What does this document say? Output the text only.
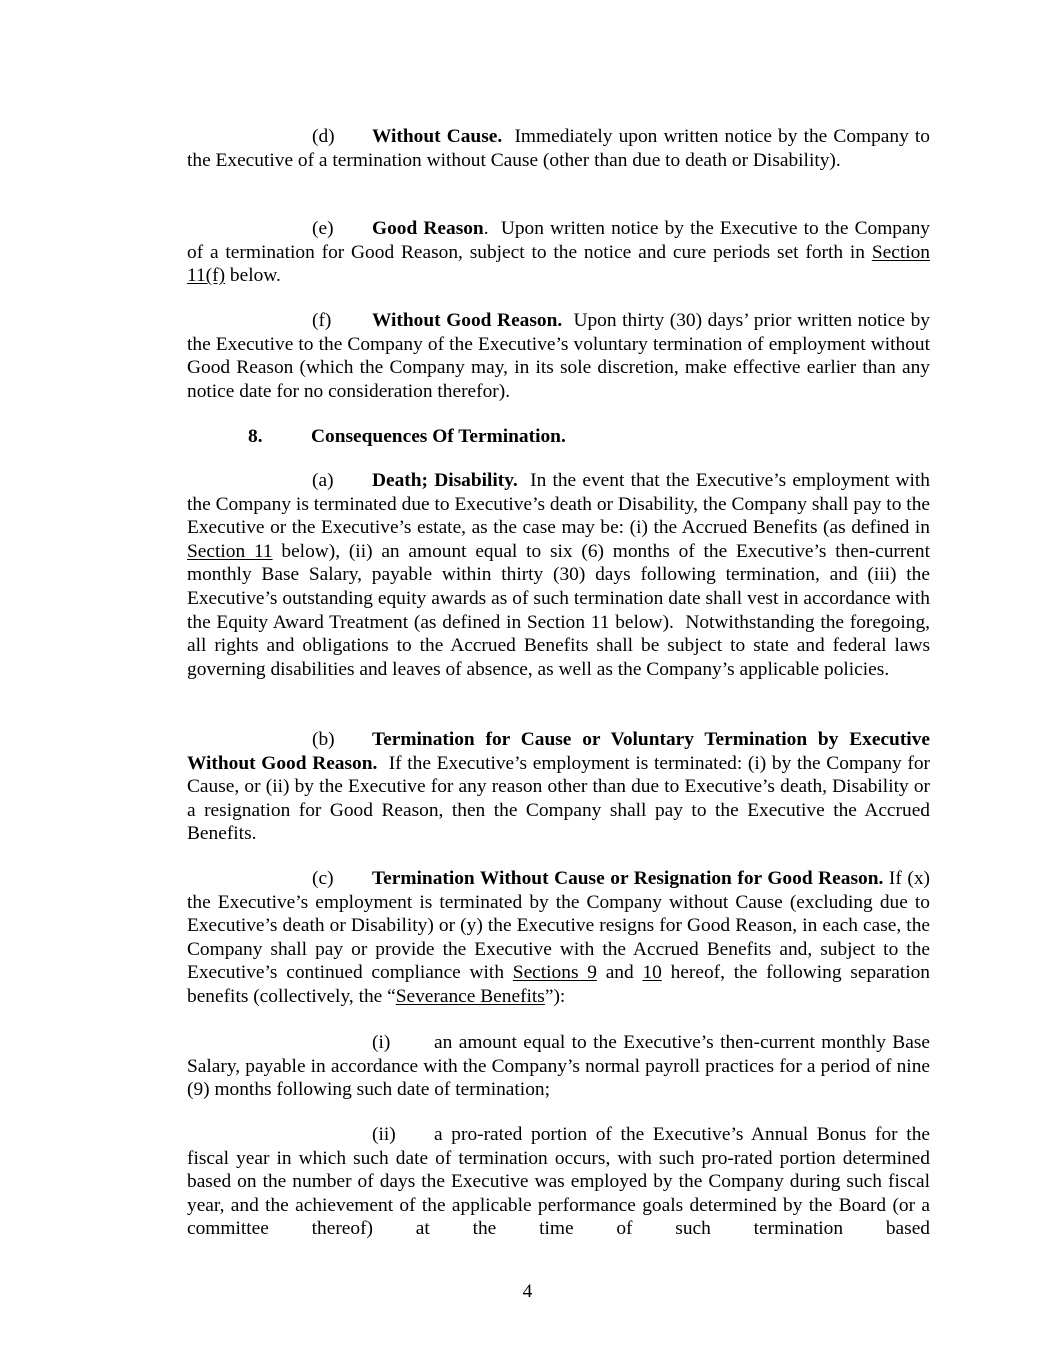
(d) Without Cause.  Immediately upon written notice by the Company to the Executive of a termination without Cause (other than due to death or Disability).

(e) Good Reason.  Upon written notice by the Executive to the Company of a termination for Good Reason, subject to the notice and cure periods set forth in Section 11(f) below.

(f) Without Good Reason.  Upon thirty (30) days’ prior written notice by the Executive to the Company of the Executive’s voluntary termination of employment without Good Reason (which the Company may, in its sole discretion, make effective earlier than any notice date for no consideration therefor).

8. Consequences Of Termination.

(a) Death; Disability.  In the event that the Executive’s employment with the Company is terminated due to Executive’s death or Disability, the Company shall pay to the Executive or the Executive’s estate, as the case may be: (i) the Accrued Benefits (as defined in Section 11 below), (ii) an amount equal to six (6) months of the Executive’s then-current monthly Base Salary, payable within thirty (30) days following termination, and (iii) the Executive’s outstanding equity awards as of such termination date shall vest in accordance with the Equity Award Treatment (as defined in Section 11 below).  Notwithstanding the foregoing, all rights and obligations to the Accrued Benefits shall be subject to state and federal laws governing disabilities and leaves of absence, as well as the Company’s applicable policies.

(b) Termination for Cause or Voluntary Termination by Executive Without Good Reason.  If the Executive’s employment is terminated: (i) by the Company for Cause, or (ii) by the Executive for any reason other than due to Executive’s death, Disability or a resignation for Good Reason, then the Company shall pay to the Executive the Accrued Benefits.

(c) Termination Without Cause or Resignation for Good Reason. If (x) the Executive’s employment is terminated by the Company without Cause (excluding due to Executive’s death or Disability) or (y) the Executive resigns for Good Reason, in each case, the Company shall pay or provide the Executive with the Accrued Benefits and, subject to the Executive’s continued compliance with Sections 9 and 10 hereof, the following separation benefits (collectively, the “Severance Benefits”):

(i) an amount equal to the Executive’s then-current monthly Base Salary, payable in accordance with the Company’s normal payroll practices for a period of nine (9) months following such date of termination;

(ii) a pro-rated portion of the Executive’s Annual Bonus for the fiscal year in which such date of termination occurs, with such pro-rated portion determined based on the number of days the Executive was employed by the Company during such fiscal year, and the achievement of the applicable performance goals determined by the Board (or a committee thereof) at the time of such termination based

4
